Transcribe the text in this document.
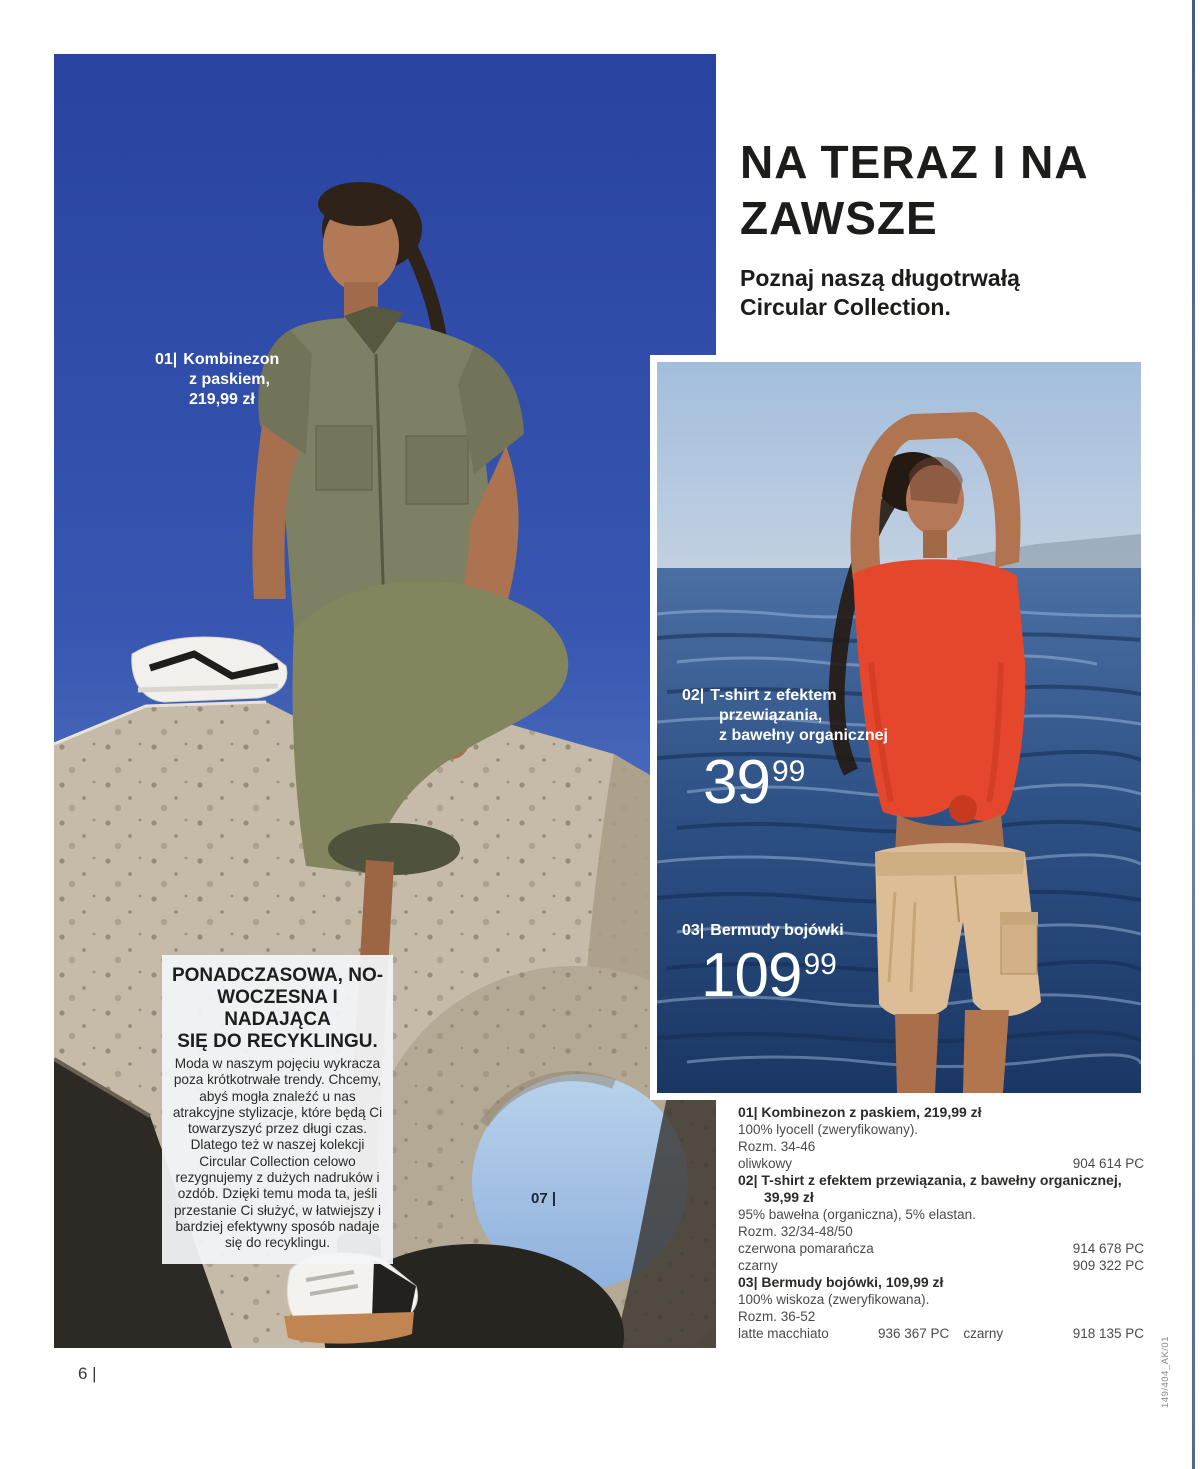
01| Kombinezon
z paskiem,
219,99 zł
PONADCZASOWA, NO-
WOCZESNA I NADAJĄCA
SIĘ DO RECYKLINGU.

Moda w naszym pojęciu wykracza poza krótkotrwałe trendy. Chcemy, abyś mogła znaleźć u nas atrakcyjne stylizacje, które będą Ci towarzyszyć przez długi czas. Dlatego też w naszej kolekcji Circular Collection celowo rezygnujemy z dużych nadruków i ozdób. Dzięki temu moda ta, jeśli przestanie Ci służyć, w łatwiejszy i bardziej efektywny sposób nadaje się do recyklingu.

07 |
02| T-shirt z efektem
przewiązania,
z bawełny organicznej
$39^{99}$
03| Bermudy bojówki
$109^{99}$
NA TERAZ I NA
ZAWSZE

Poznaj naszą długotrwałą
Circular Collection.

01| Kombinezon z paskiem, 219,99 zł
100% lyocell (zweryfikowany).
Rozm. 34-46
oliwkowy	904 614 PC
02| T-shirt z efektem przewiązania, z bawełny organicznej,
39,99 zł
95% bawełna (organiczna), 5% elastan.
Rozm. 32/34-48/50
czerwona pomarańcza	914 678 PC
czarny	909 322 PC
03| Bermudy bojówki, 109,99 zł
100% wiskoza (zweryfikowana).
Rozm. 36-52
latte macchiato	936 367 PC czarny	918 135 PC
6 |	149/404_AK/01
